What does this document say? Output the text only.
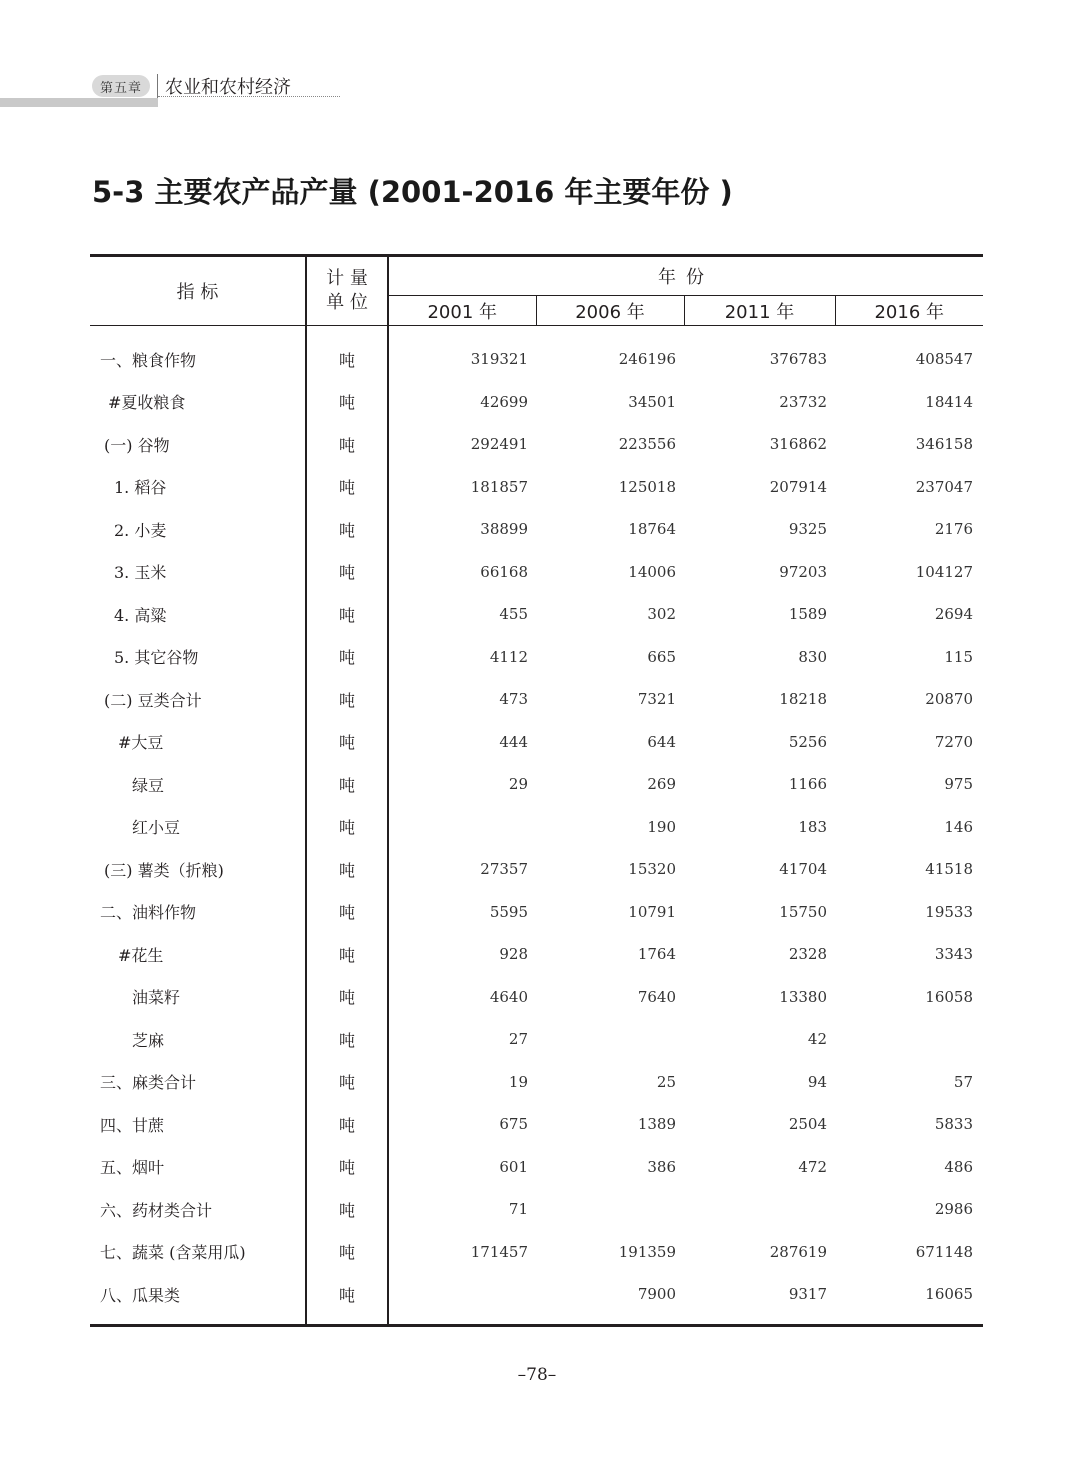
第五章	农业和农村经济
5-3 主要农产品产量 (2001-2016 年主要年份 )
指 标	计 量
单 位	年份			
		2001 年	2006 年	2011 年	2016 年
一、粮食作物	吨	319321	246196	376783	408547
#夏收粮食	吨	42699	34501	23732	18414
(一) 谷物	吨	292491	223556	316862	346158
1. 稻谷	吨	181857	125018	207914	237047
2. 小麦	吨	38899	18764	9325	2176
3. 玉米	吨	66168	14006	97203	104127
4. 高粱	吨	455	302	1589	2694
5. 其它谷物	吨	4112	665	830	115
(二) 豆类合计	吨	473	7321	18218	20870
#大豆	吨	444	644	5256	7270
绿豆	吨	29	269	1166	975
红小豆	吨		190	183	146
(三) 薯类（折粮)	吨	27357	15320	41704	41518
二、油料作物	吨	5595	10791	15750	19533
#花生	吨	928	1764	2328	3343
油菜籽	吨	4640	7640	13380	16058
芝麻	吨	27		42	
三、麻类合计	吨	19	25	94	57
四、甘蔗	吨	675	1389	2504	5833
五、烟叶	吨	601	386	472	486
六、药材类合计	吨	71			2986
七、蔬菜 (含菜用瓜)	吨	171457	191359	287619	671148
八、瓜果类	吨		7900	9317	16065
–78–
